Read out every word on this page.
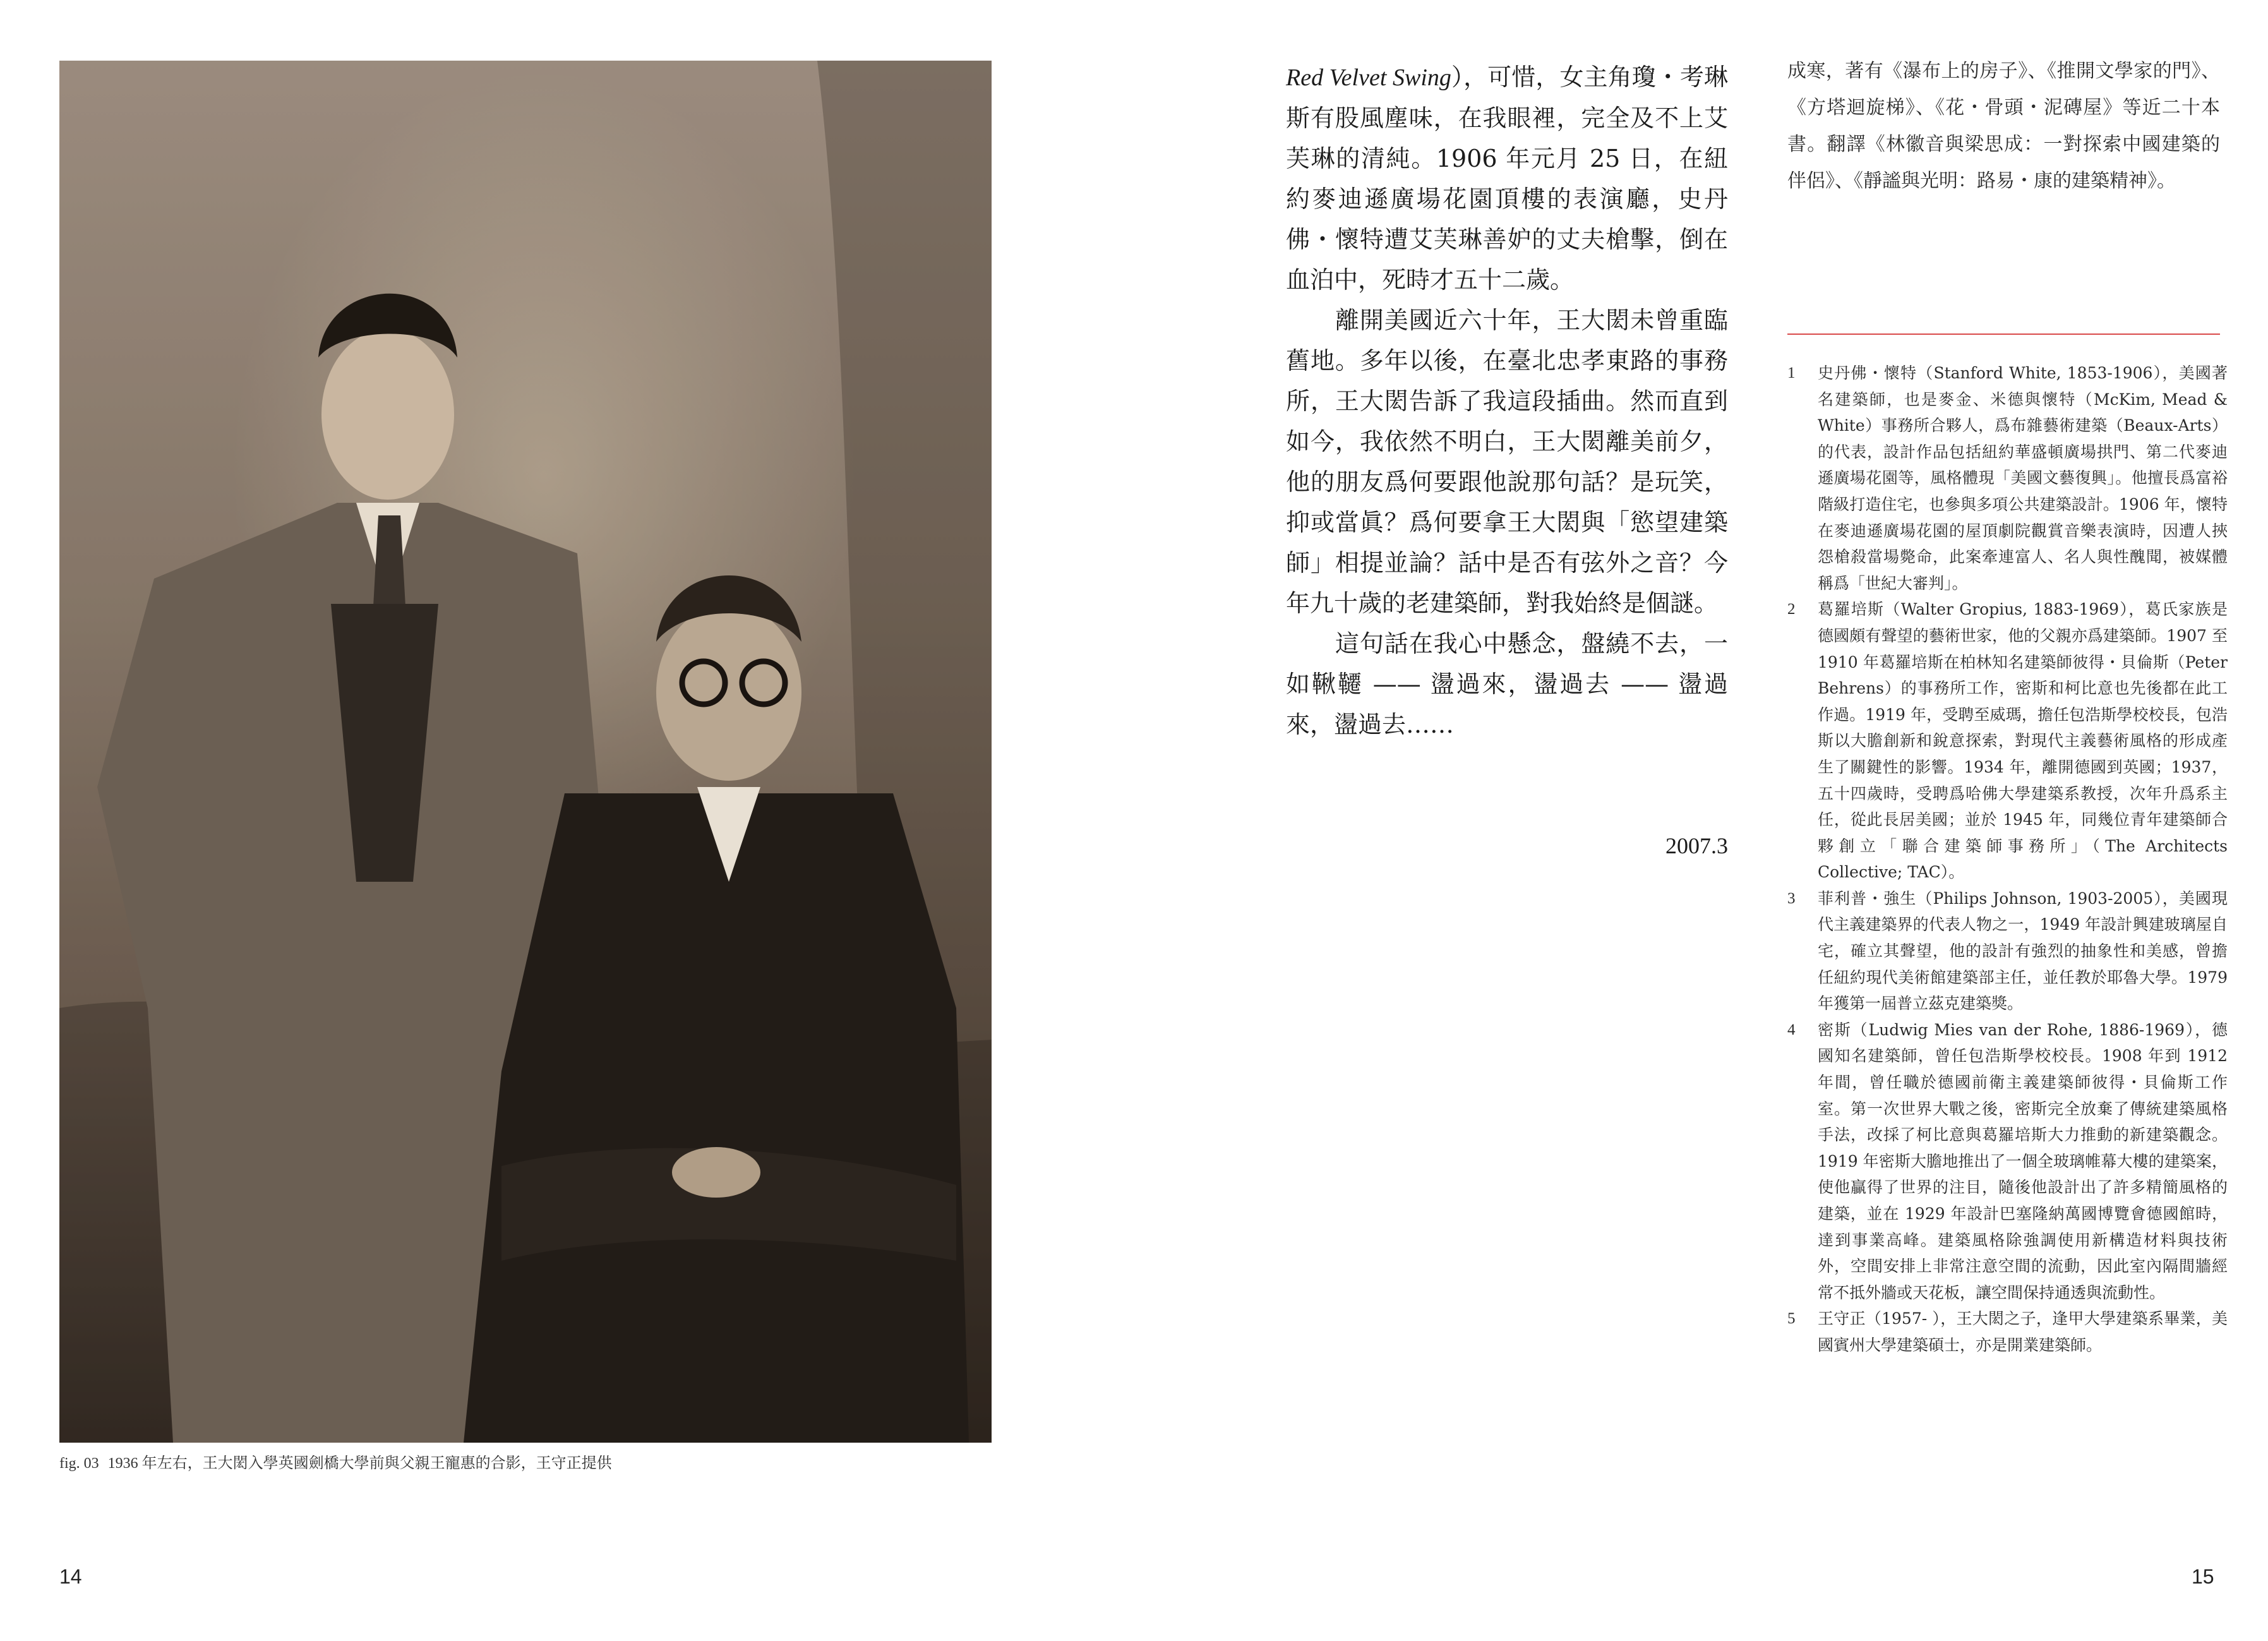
fig. 03 1936 年左右，王大閎入學英國劍橋大學前與父親王寵惠的合影，王守正提供
14

Red Velvet Swing），可惜，女主角瓊・考琳斯有股風塵味，在我眼裡，完全及不上艾芙琳的清純。1906 年元月 25 日，在紐約麥迪遜廣場花園頂樓的表演廳，史丹佛・懷特遭艾芙琳善妒的丈夫槍擊，倒在血泊中，死時才五十二歲。

離開美國近六十年，王大閎未曾重臨舊地。多年以後，在臺北忠孝東路的事務所，王大閎告訴了我這段插曲。然而直到如今，我依然不明白，王大閎離美前夕，他的朋友爲何要跟他說那句話？是玩笑，抑或當眞？爲何要拿王大閎與「慾望建築師」相提並論？話中是否有弦外之音？今年九十歲的老建築師，對我始終是個謎。

這句話在我心中懸念，盤繞不去，一如鞦韆 —— 盪過來，盪過去 —— 盪過來，盪過去……

2007.3

成寒，著有《瀑布上的房子》、《推開文學家的門》、《方塔迴旋梯》、《花・骨頭・泥磚屋》等近二十本書。翻譯《林徽音與梁思成：一對探索中國建築的伴侶》、《靜謐與光明：路易・康的建築精神》。

1	史丹佛・懷特（Stanford White, 1853-1906），美國著名建築師，也是麥金、米德與懷特（McKim, Mead & White）事務所合夥人，爲布雜藝術建築（Beaux-Arts）的代表，設計作品包括紐約華盛頓廣場拱門、第二代麥迪遜廣場花園等，風格體現「美國文藝復興」。他擅長爲富裕階級打造住宅，也參與多項公共建築設計。1906 年，懷特在麥迪遜廣場花園的屋頂劇院觀賞音樂表演時，因遭人挾怨槍殺當場斃命，此案牽連富人、名人與性醜聞，被媒體稱爲「世紀大審判」。
2	葛羅培斯（Walter Gropius, 1883-1969），葛氏家族是德國頗有聲望的藝術世家，他的父親亦爲建築師。1907 至 1910 年葛羅培斯在柏林知名建築師彼得・貝倫斯（Peter Behrens）的事務所工作，密斯和柯比意也先後都在此工作過。1919 年，受聘至威瑪，擔任包浩斯學校校長，包浩斯以大膽創新和銳意探索，對現代主義藝術風格的形成產生了關鍵性的影響。1934 年，離開德國到英國；1937，五十四歲時，受聘爲哈佛大學建築系教授，次年升爲系主任，從此長居美國；並於 1945 年，同幾位青年建築師合夥創立「聯合建築師事務所」（The Architects Collective; TAC）。
3	菲利普・強生（Philips Johnson, 1903-2005），美國現代主義建築界的代表人物之一，1949 年設計興建玻璃屋自宅，確立其聲望，他的設計有強烈的抽象性和美感，曾擔任紐約現代美術館建築部主任，並任教於耶魯大學。1979 年獲第一屆普立茲克建築獎。
4	密斯（Ludwig Mies van der Rohe, 1886-1969），德國知名建築師，曾任包浩斯學校校長。1908 年到 1912 年間，曾任職於德國前衛主義建築師彼得・貝倫斯工作室。第一次世界大戰之後，密斯完全放棄了傳統建築風格手法，改採了柯比意與葛羅培斯大力推動的新建築觀念。1919 年密斯大膽地推出了一個全玻璃帷幕大樓的建築案，使他贏得了世界的注目，隨後他設計出了許多精簡風格的建築，並在 1929 年設計巴塞隆納萬國博覽會德國館時，達到事業高峰。建築風格除強調使用新構造材料與技術外，空間安排上非常注意空間的流動，因此室內隔間牆經常不抵外牆或天花板，讓空間保持通透與流動性。
5	王守正（1957- ），王大閎之子，逢甲大學建築系畢業，美國賓州大學建築碩士，亦是開業建築師。
15
